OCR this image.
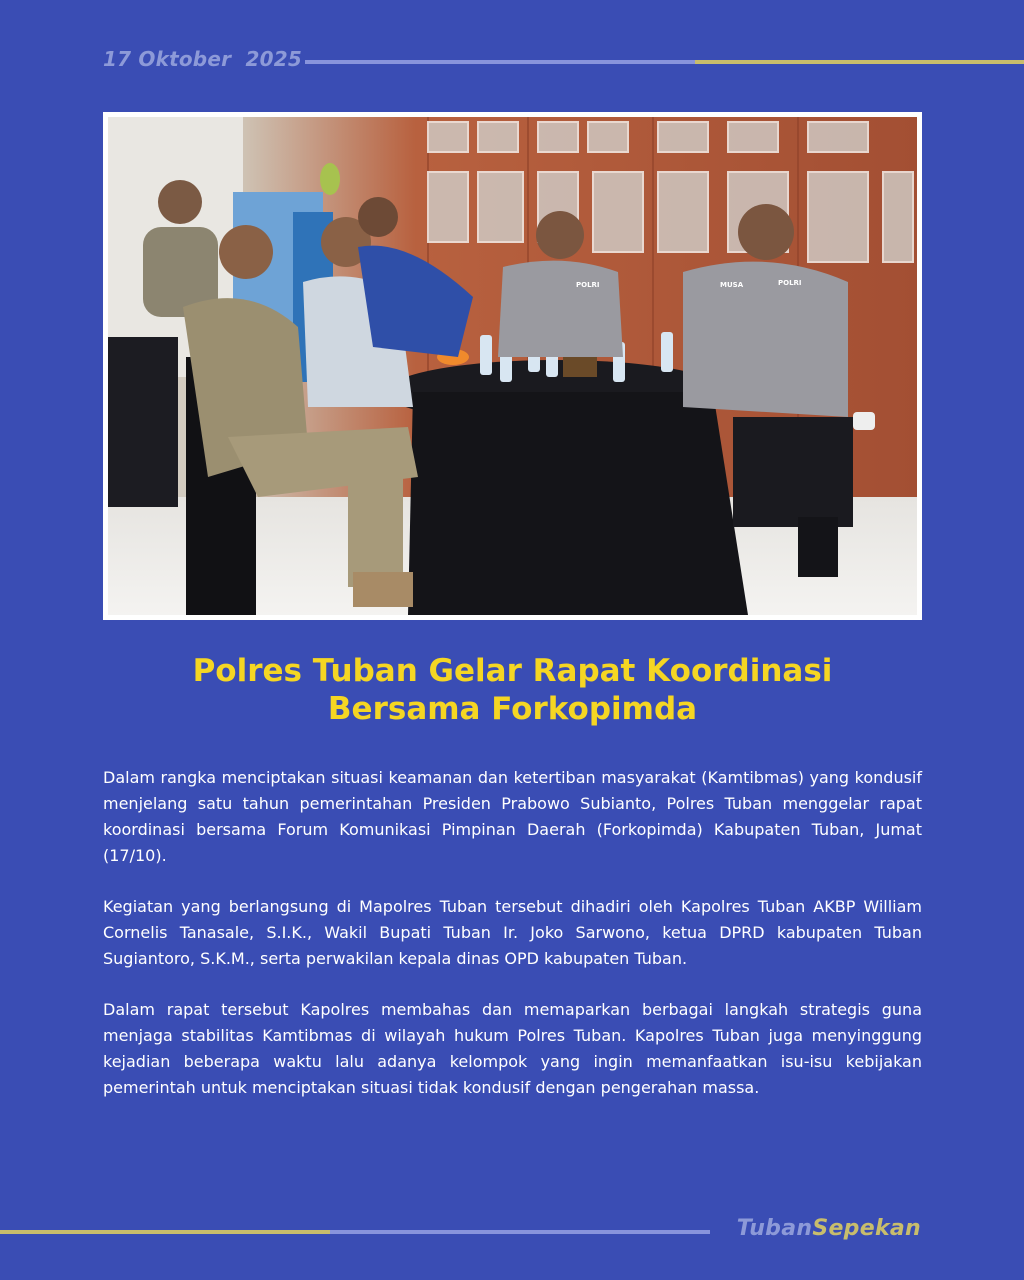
17 Oktober  2025
POLRI	POLRI
MUSA
Polres Tuban Gelar Rapat Koordinasi
Bersama Forkopimda

Dalam rangka menciptakan situasi keamanan dan ketertiban masyarakat (Kamtibmas) yang kondusif menjelang satu tahun pemerintahan Presiden Prabowo Subianto, Polres Tuban menggelar rapat koordinasi bersama Forum Komunikasi Pimpinan Daerah (Forkopimda) Kabupaten Tuban, Jumat (17/10).

Kegiatan yang berlangsung di Mapolres Tuban tersebut dihadiri oleh Kapolres Tuban AKBP William Cornelis Tanasale, S.I.K., Wakil Bupati Tuban Ir. Joko Sarwono, ketua DPRD kabupaten Tuban Sugiantoro, S.K.M., serta perwakilan kepala dinas OPD kabupaten Tuban.

Dalam rapat tersebut Kapolres membahas dan memaparkan berbagai langkah strategis guna menjaga stabilitas Kamtibmas di wilayah hukum Polres Tuban. Kapolres Tuban juga menyinggung kejadian beberapa waktu lalu adanya kelompok yang ingin memanfaatkan isu-isu kebijakan pemerintah untuk menciptakan situasi tidak kondusif dengan pengerahan massa.

TubanSepekan
